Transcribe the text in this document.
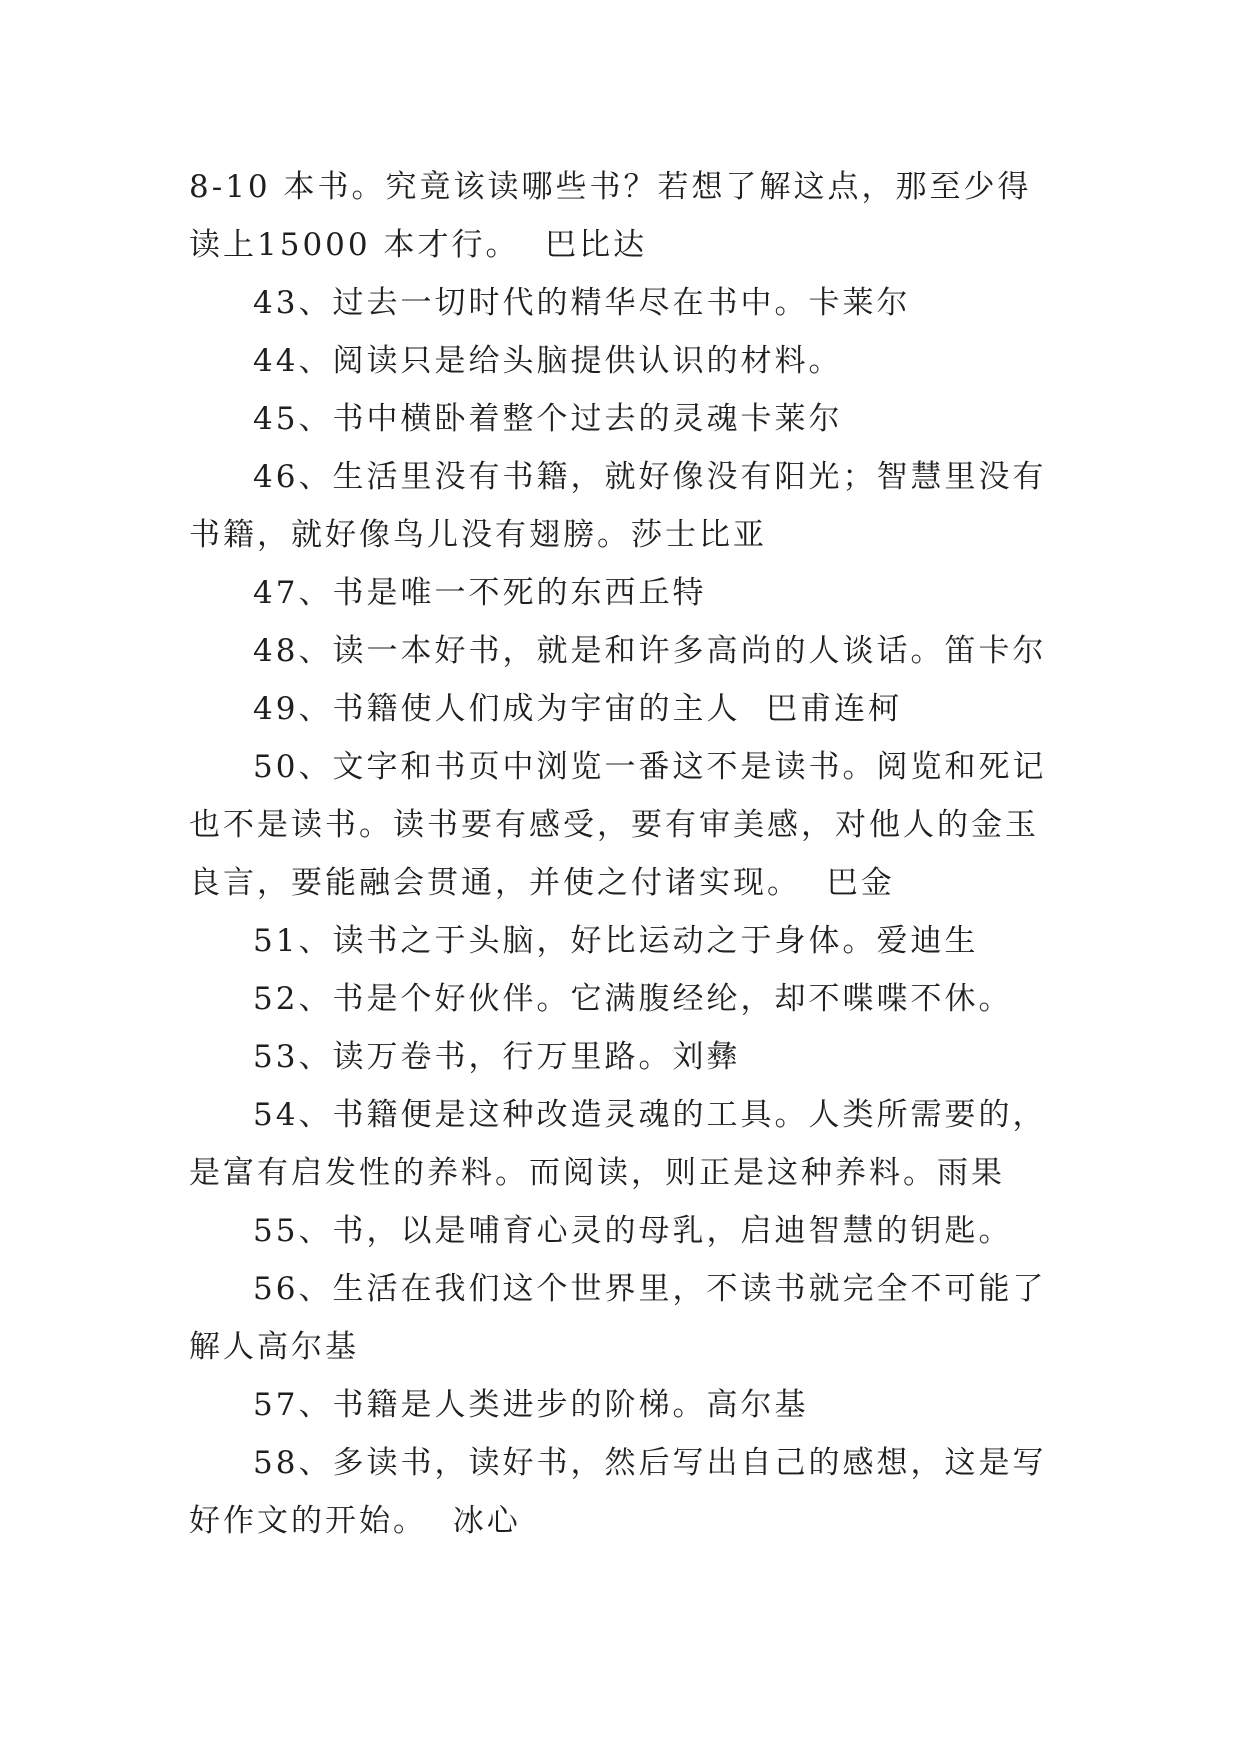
8-10 本书。究竟该读哪些书？若想了解这点，那至少得读上15000 本才行。  巴比达

43、过去一切时代的精华尽在书中。卡莱尔

44、阅读只是给头脑提供认识的材料。

45、书中横卧着整个过去的灵魂卡莱尔

46、生活里没有书籍，就好像没有阳光；智慧里没有书籍，就好像鸟儿没有翅膀。莎士比亚

47、书是唯一不死的东西丘特

48、读一本好书，就是和许多高尚的人谈话。笛卡尔

49、书籍使人们成为宇宙的主人  巴甫连柯

50、文字和书页中浏览一番这不是读书。阅览和死记也不是读书。读书要有感受，要有审美感，对他人的金玉良言，要能融会贯通，并使之付诸实现。  巴金

51、读书之于头脑，好比运动之于身体。爱迪生

52、书是个好伙伴。它满腹经纶，却不喋喋不休。

53、读万卷书，行万里路。刘彝

54、书籍便是这种改造灵魂的工具。人类所需要的，是富有启发性的养料。而阅读，则正是这种养料。雨果

55、书，以是哺育心灵的母乳，启迪智慧的钥匙。

56、生活在我们这个世界里，不读书就完全不可能了解人高尔基

57、书籍是人类进步的阶梯。高尔基

58、多读书，读好书，然后写出自己的感想，这是写好作文的开始。  冰心
